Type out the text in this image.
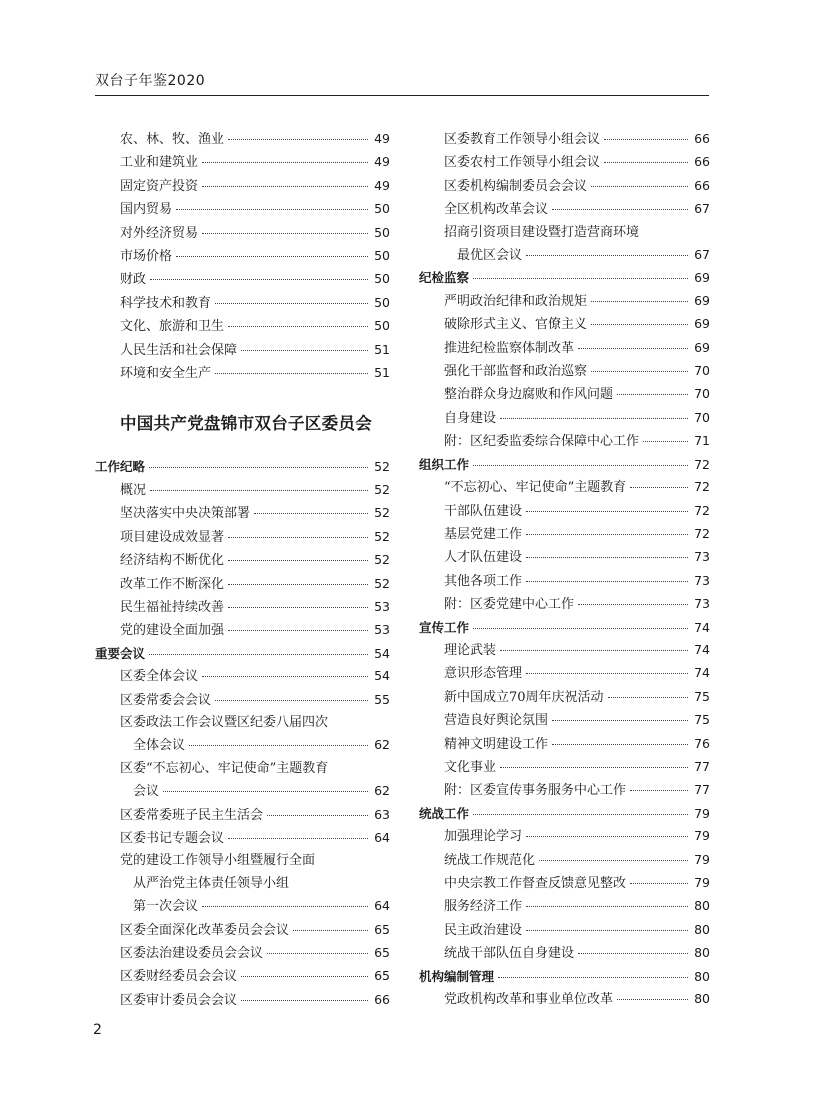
双台子年鉴2020
农、林、牧、渔业	49
工业和建筑业	49
固定资产投资	49
国内贸易	50
对外经济贸易	50
市场价格	50
财政	50
科学技术和教育	50
文化、旅游和卫生	50
人民生活和社会保障	51
环境和安全生产	51
中国共产党盘锦市双台子区委员会
工作纪略	52
概况	52
坚决落实中央决策部署	52
项目建设成效显著	52
经济结构不断优化	52
改革工作不断深化	52
民生福祉持续改善	53
党的建设全面加强	53
重要会议	54
区委全体会议	54
区委常委会会议	55
区委政法工作会议暨区纪委八届四次
全体会议	62
区委“不忘初心、牢记使命”主题教育
会议	62
区委常委班子民主生活会	63
区委书记专题会议	64
党的建设工作领导小组暨履行全面
从严治党主体责任领导小组
第一次会议	64
区委全面深化改革委员会会议	65
区委法治建设委员会会议	65
区委财经委员会会议	65
区委审计委员会会议	66
区委教育工作领导小组会议	66
区委农村工作领导小组会议	66
区委机构编制委员会会议	66
全区机构改革会议	67
招商引资项目建设暨打造营商环境
最优区会议	67
纪检监察	69
严明政治纪律和政治规矩	69
破除形式主义、官僚主义	69
推进纪检监察体制改革	69
强化干部监督和政治巡察	70
整治群众身边腐败和作风问题	70
自身建设	70
附：区纪委监委综合保障中心工作	71
组织工作	72
“不忘初心、牢记使命”主题教育	72
干部队伍建设	72
基层党建工作	72
人才队伍建设	73
其他各项工作	73
附：区委党建中心工作	73
宣传工作	74
理论武装	74
意识形态管理	74
新中国成立70周年庆祝活动	75
营造良好舆论氛围	75
精神文明建设工作	76
文化事业	77
附：区委宣传事务服务中心工作	77
统战工作	79
加强理论学习	79
统战工作规范化	79
中央宗教工作督查反馈意见整改	79
服务经济工作	80
民主政治建设	80
统战干部队伍自身建设	80
机构编制管理	80
党政机构改革和事业单位改革	80
2
